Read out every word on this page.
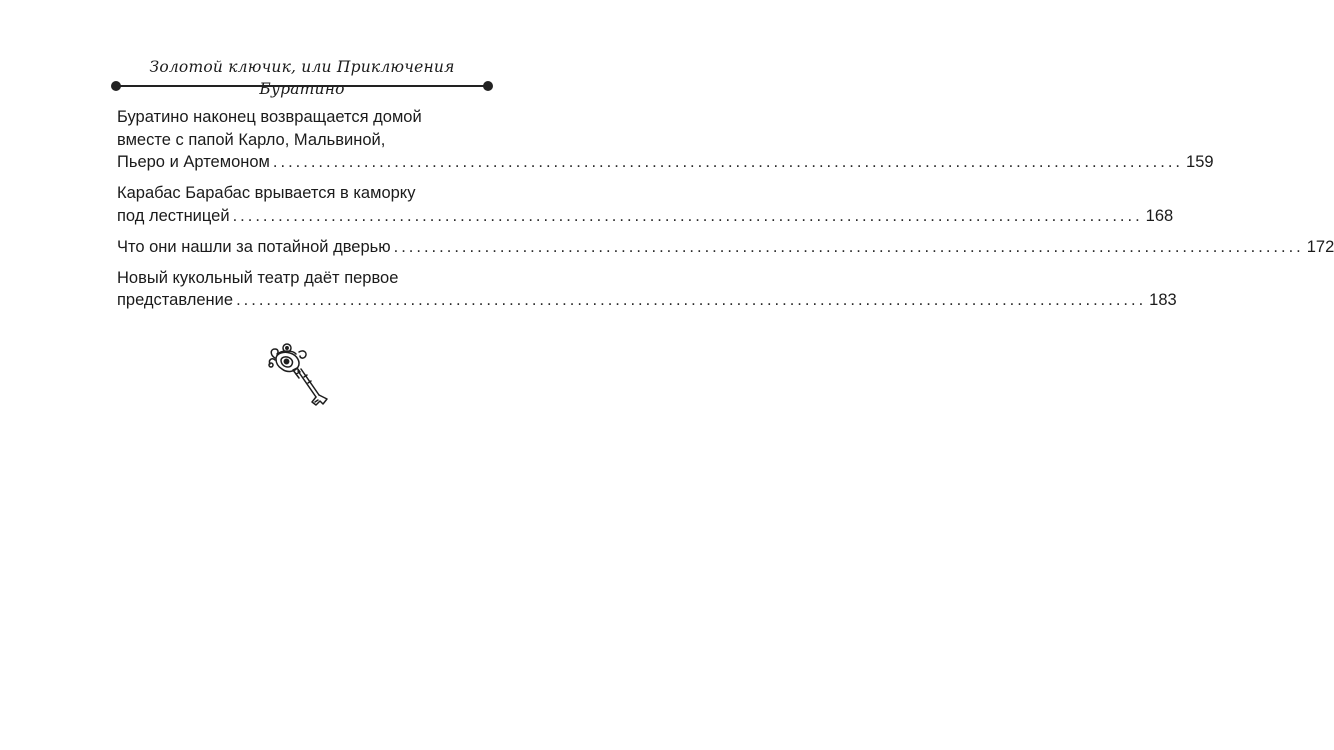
Золотой ключик, или Приключения Буратино
Буратино наконец возвращается домой
вместе с папой Карло, Мальвиной,
Пьеро и Артемоном ........................................................................................................................ 159
Карабас Барабас врывается в каморку
под лестницей ........................................................................................................................ 168
Что они нашли за потайной дверью ........................................................................................................................ 172
Новый кукольный театр даёт первое
представление ........................................................................................................................ 183
